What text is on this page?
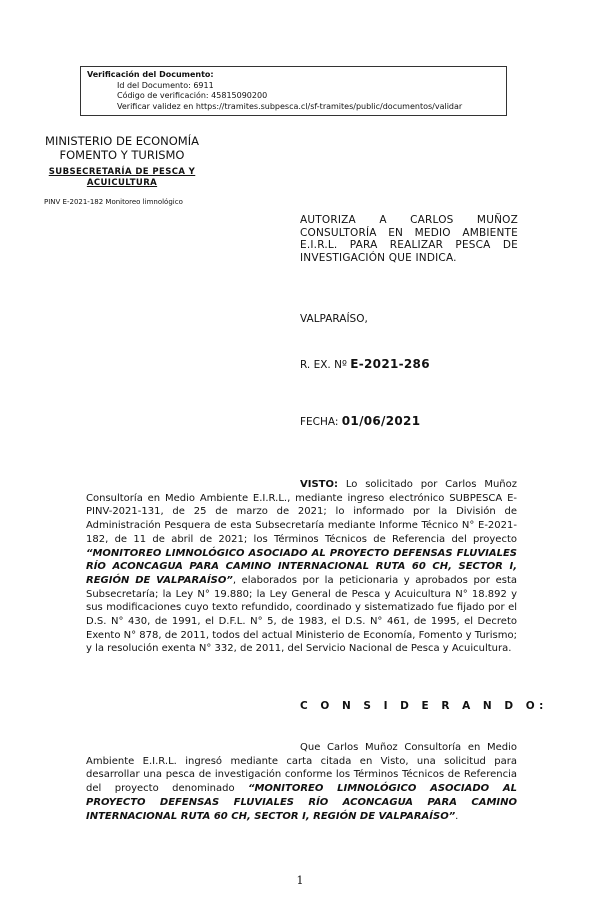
Verificación del Documento:
• Id del Documento: 6911
• Código de verificación: 45815090200
• Verificar validez en https://tramites.subpesca.cl/sf-tramites/public/documentos/validar
MINISTERIO DE ECONOMÍA
FOMENTO Y TURISMO
SUBSECRETARÍA DE PESCA Y
ACUICULTURA
PINV E-2021-182 Monitoreo limnológico
AUTORIZA A CARLOS MUÑOZ CONSULTORÍA EN MEDIO AMBIENTE E.I.R.L. PARA REALIZAR PESCA DE INVESTIGACIÓN QUE INDICA.
VALPARAÍSO,
R. EX. Nº E-2021-286
FECHA: 01/06/2021
VISTO: Lo solicitado por Carlos Muñoz Consultoría en Medio Ambiente E.I.R.L., mediante ingreso electrónico SUBPESCA E-PINV-2021-131, de 25 de marzo de 2021; lo informado por la División de Administración Pesquera de esta Subsecretaría mediante Informe Técnico N° E-2021-182, de 11 de abril de 2021; los Términos Técnicos de Referencia del proyecto “MONITOREO LIMNOLÓGICO ASOCIADO AL PROYECTO DEFENSAS FLUVIALES RÍO ACONCAGUA PARA CAMINO INTERNACIONAL RUTA 60 CH, SECTOR I, REGIÓN DE VALPARAÍSO”, elaborados por la peticionaria y aprobados por esta Subsecretaría; la Ley N° 19.880; la Ley General de Pesca y Acuicultura N° 18.892 y sus modificaciones cuyo texto refundido, coordinado y sistematizado fue fijado por el D.S. N° 430, de 1991, el D.F.L. N° 5, de 1983, el D.S. N° 461, de 1995, el Decreto Exento N° 878, de 2011, todos del actual Ministerio de Economía, Fomento y Turismo; y la resolución exenta N° 332, de 2011, del Servicio Nacional de Pesca y Acuicultura.
C O N S I D E R A N D O:
Que Carlos Muñoz Consultoría en Medio Ambiente E.I.R.L. ingresó mediante carta citada en Visto, una solicitud para desarrollar una pesca de investigación conforme los Términos Técnicos de Referencia del proyecto denominado “MONITOREO LIMNOLÓGICO ASOCIADO AL PROYECTO DEFENSAS FLUVIALES RÍO ACONCAGUA PARA CAMINO INTERNACIONAL RUTA 60 CH, SECTOR I, REGIÓN DE VALPARAÍSO”.
1
